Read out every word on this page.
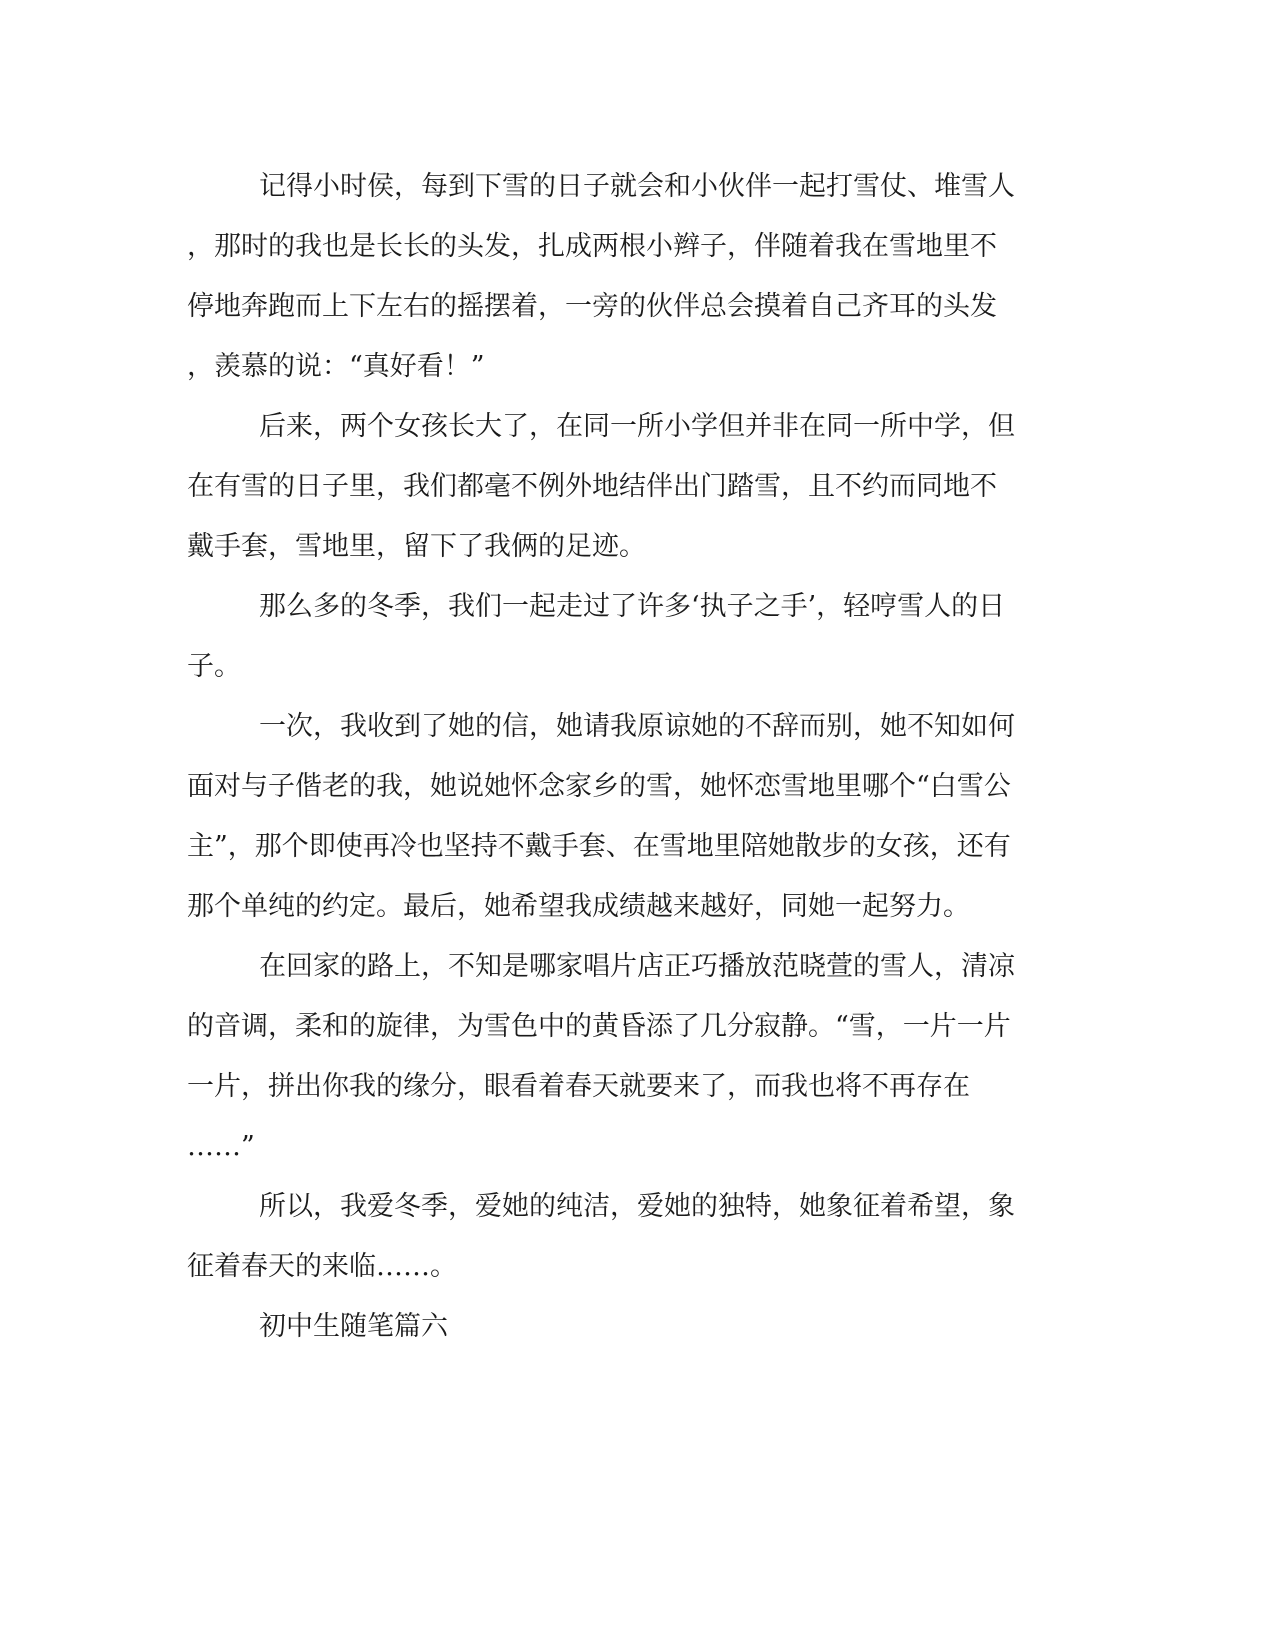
记得小时侯，每到下雪的日子就会和小伙伴一起打雪仗、堆雪人
，那时的我也是长长的头发，扎成两根小辫子，伴随着我在雪地里不
停地奔跑而上下左右的摇摆着，一旁的伙伴总会摸着自己齐耳的头发
，羡慕的说：“真好看！”
后来，两个女孩长大了，在同一所小学但并非在同一所中学，但
在有雪的日子里，我们都毫不例外地结伴出门踏雪，且不约而同地不
戴手套，雪地里，留下了我俩的足迹。
那么多的冬季，我们一起走过了许多‘执子之手’，轻哼雪人的日
子。
一次，我收到了她的信，她请我原谅她的不辞而别，她不知如何
面对与子偕老的我，她说她怀念家乡的雪，她怀恋雪地里哪个“白雪公
主”，那个即使再冷也坚持不戴手套、在雪地里陪她散步的女孩，还有
那个单纯的约定。最后，她希望我成绩越来越好，同她一起努力。
在回家的路上，不知是哪家唱片店正巧播放范晓萱的雪人，清凉
的音调，柔和的旋律，为雪色中的黄昏添了几分寂静。“雪，一片一片
一片，拼出你我的缘分，眼看着春天就要来了，而我也将不再存在
……”
所以，我爱冬季，爱她的纯洁，爱她的独特，她象征着希望，象
征着春天的来临……。
初中生随笔篇六
